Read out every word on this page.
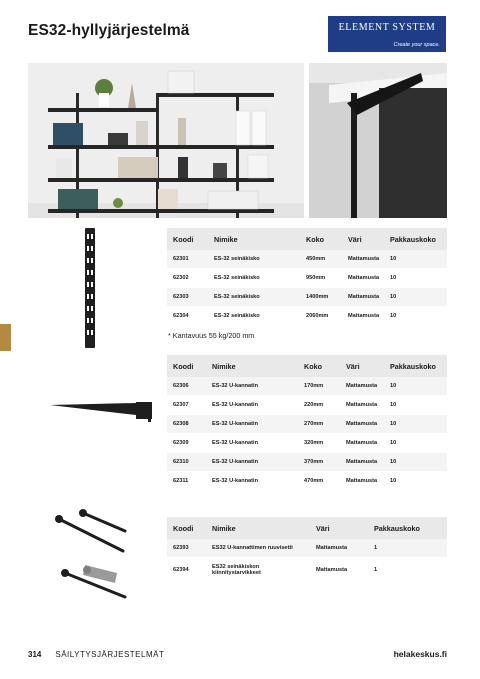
ES32-hyllyjärjestelmä	ELEMENT SYSTEM
Create your space.
Koodi	Nimike	Koko	Väri	Pakkauskoko
62301	ES-32 seinäkisko	450mm	Mattamusta	10
62302	ES-32 seinäkisko	950mm	Mattamusta	10
62303	ES-32 seinäkisko	1400mm	Mattamusta	10
62304	ES-32 seinäkisko	2060mm	Mattamusta	10
* Kantavuus 55 kg/200 mm
Koodi	Nimike	Koko	Väri	Pakkauskoko
62306	ES-32 U-kannatin	170mm	Mattamusta	10
62307	ES-32 U-kannatin	220mm	Mattamusta	10
62308	ES-32 U-kannatin	270mm	Mattamusta	10
62309	ES-32 U-kannatin	320mm	Mattamusta	10
62310	ES-32 U-kannatin	370mm	Mattamusta	10
62311	ES-32 U-kannatin	470mm	Mattamusta	10
Koodi	Nimike	Väri	Pakkauskoko
62393	ES32 U-kannattimen ruuvisetti	Mattamusta	1
62394	ES32 seinäkiskon kiinnitystarvikkeet	Mattamusta	1
314 SÄILYTYSJÄRJESTELMÄT	helakeskus.fi
